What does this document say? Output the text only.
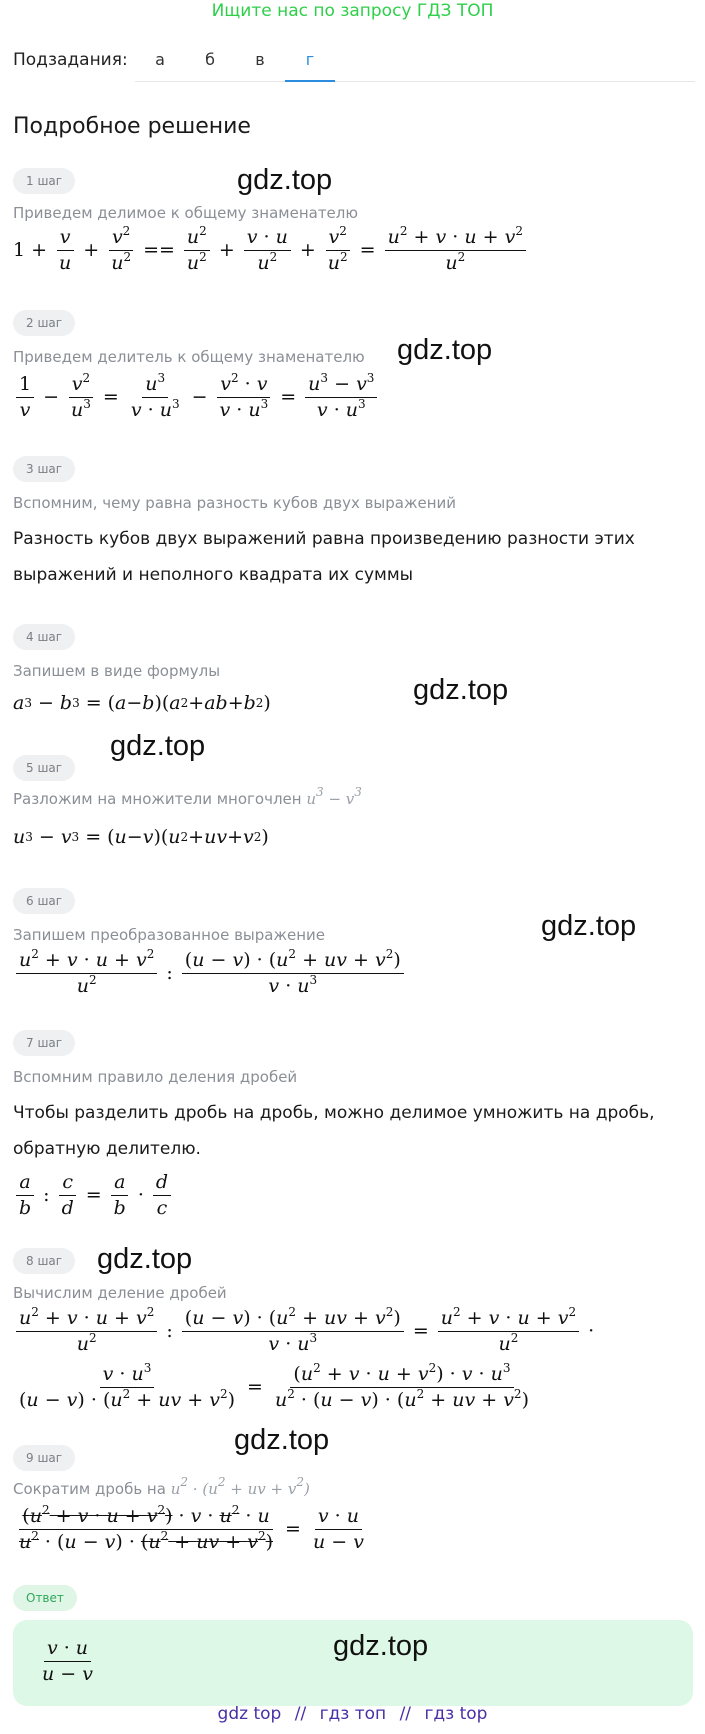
Ищите нас по запросу ГДЗ ТОП
Подзадания:	а	б	в	г
Подробное решение
1 шаг	gdz.top
Приведем делимое к общему знаменателю
$1 + \frac{v}{u} + \frac{v^2}{u^2} == \frac{u^2}{u^2} + \frac{v \cdot u}{u^2} + \frac{v^2}{u^2} = \frac{u^2 + v \cdot u + v^2}{u^2}$
2 шаг
gdz.top
Приведем делитель к общему знаменателю
$\frac{1}{v} - \frac{v^2}{u^3} = \frac{u^3}{v \cdot u^3} - \frac{v^2 \cdot v}{v \cdot u^3} = \frac{u^3 - v^3}{v \cdot u^3}$
3 шаг
Вспомним, чему равна разность кубов двух выражений
Разность кубов двух выражений равна произведению разности этих
выражений и неполного квадрата их суммы
4 шаг
Запишем в виде формулы
gdz.top
a 3 − b 3 = ( a − b )( a 2 + ab + b 2 )
gdz.top
5 шаг
Разложим на множители многочлен $u^3 - v^3$
u 3 − v 3 = ( u − v )( u 2 + uv + v 2 )
6 шаг
gdz.top
Запишем преобразованное выражение
$\frac{u^2 + v \cdot u + v^2}{u^2}$ : $\frac{(u - v) \cdot (u^2 + uv + v^2)}{v \cdot u^3}$
7 шаг
Вспомним правило деления дробей
Чтобы разделить дробь на дробь, можно делимое умножить на дробь,
обратную делителю.
$\frac{a}{b}$ : $\frac{c}{d} = \frac{a}{b} \cdot \frac{d}{c}$
8 шаг	gdz.top
Вычислим деление дробей
$\frac{u^2 + v \cdot u + v^2}{u^2}$ : $\frac{(u - v) \cdot (u^2 + uv + v^2)}{v \cdot u^3} = \frac{u^2 + v \cdot u + v^2}{u^2}$ ·
$\frac{v \cdot u^3}{(u - v) \cdot (u^2 + uv + v^2)} = \frac{(u^2 + v \cdot u + v^2) \cdot v \cdot u^3}{u^2 \cdot (u - v) \cdot (u^2 + uv + v^2)}$
gdz.top
9 шаг
Сократим дробь на $u^2 \cdot (u^2$ + uv + $v^2$)
$\frac{(u^2 + v \cdot u + v^2) \cdot v \cdot u^2 \cdot u}{u^2 \cdot (u - v) \cdot (u^2 + uv + v^2)} = \frac{v \cdot u}{u - v}$
Ответ
$\frac{v \cdot u}{u - v}$	gdz.top
gdz top // гдз топ // гдз top
